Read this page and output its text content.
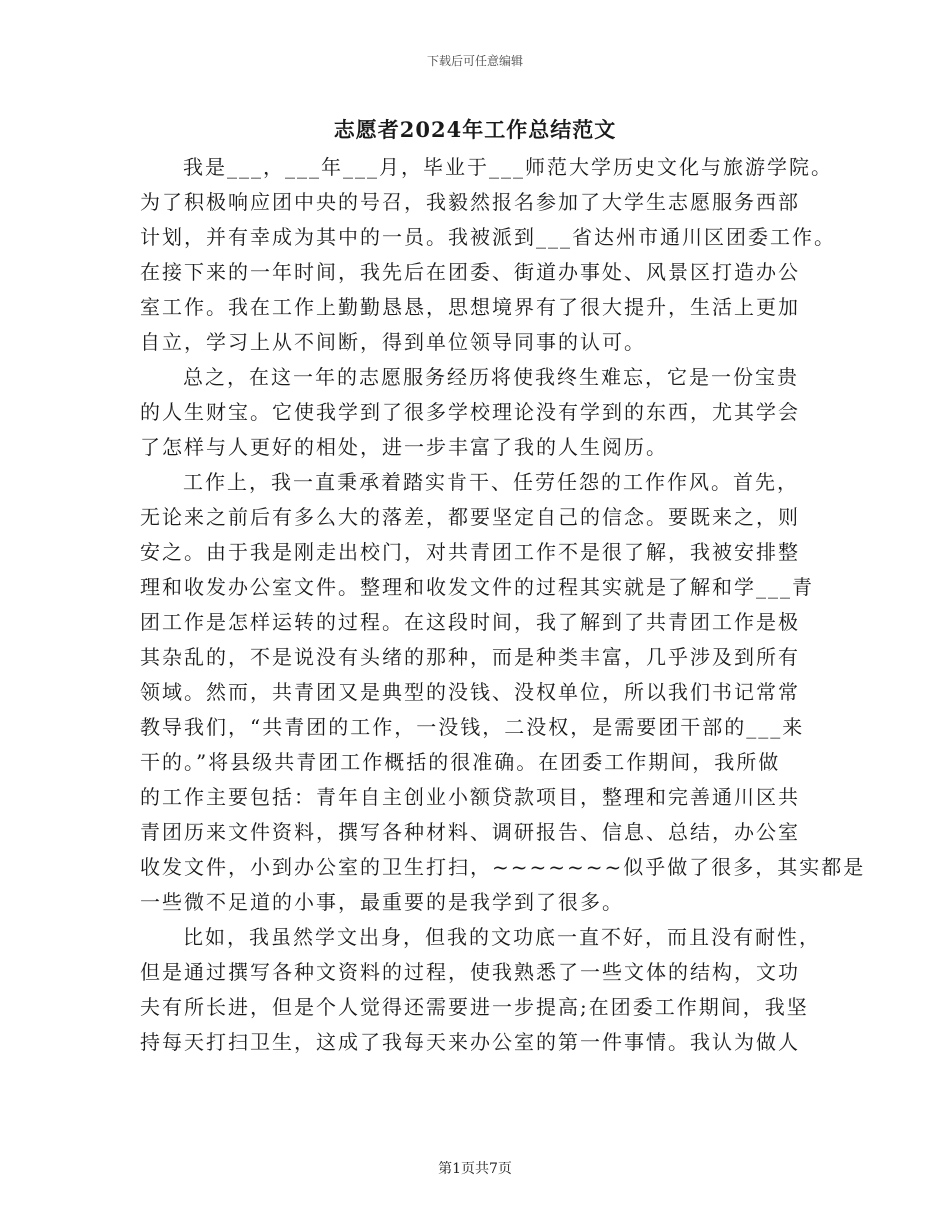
下载后可任意编辑
志愿者2024年工作总结范文
我是___，___年___月，毕业于___师范大学历史文化与旅游学院。
为了积极响应团中央的号召，我毅然报名参加了大学生志愿服务西部
计划，并有幸成为其中的一员。我被派到___省达州市通川区团委工作。
在接下来的一年时间，我先后在团委、街道办事处、风景区打造办公
室工作。我在工作上勤勤恳恳，思想境界有了很大提升，生活上更加
自立，学习上从不间断，得到单位领导同事的认可。
总之，在这一年的志愿服务经历将使我终生难忘，它是一份宝贵
的人生财宝。它使我学到了很多学校理论没有学到的东西，尤其学会
了怎样与人更好的相处，进一步丰富了我的人生阅历。
工作上，我一直秉承着踏实肯干、任劳任怨的工作作风。首先，
无论来之前后有多么大的落差，都要坚定自己的信念。要既来之，则
安之。由于我是刚走出校门，对共青团工作不是很了解，我被安排整
理和收发办公室文件。整理和收发文件的过程其实就是了解和学___青
团工作是怎样运转的过程。在这段时间，我了解到了共青团工作是极
其杂乱的，不是说没有头绪的那种，而是种类丰富，几乎涉及到所有
领域。然而，共青团又是典型的没钱、没权单位，所以我们书记常常
教导我们，“共青团的工作，一没钱，二没权，是需要团干部的___来
干的。”将县级共青团工作概括的很准确。在团委工作期间，我所做
的工作主要包括：青年自主创业小额贷款项目，整理和完善通川区共
青团历来文件资料，撰写各种材料、调研报告、信息、总结，办公室
收发文件，小到办公室的卫生打扫，~~~~~~~似乎做了很多，其实都是
一些微不足道的小事，最重要的是我学到了很多。
比如，我虽然学文出身，但我的文功底一直不好，而且没有耐性，
但是通过撰写各种文资料的过程，使我熟悉了一些文体的结构，文功
夫有所长进，但是个人觉得还需要进一步提高;在团委工作期间，我坚
持每天打扫卫生，这成了我每天来办公室的第一件事情。我认为做人
第1页共7页
